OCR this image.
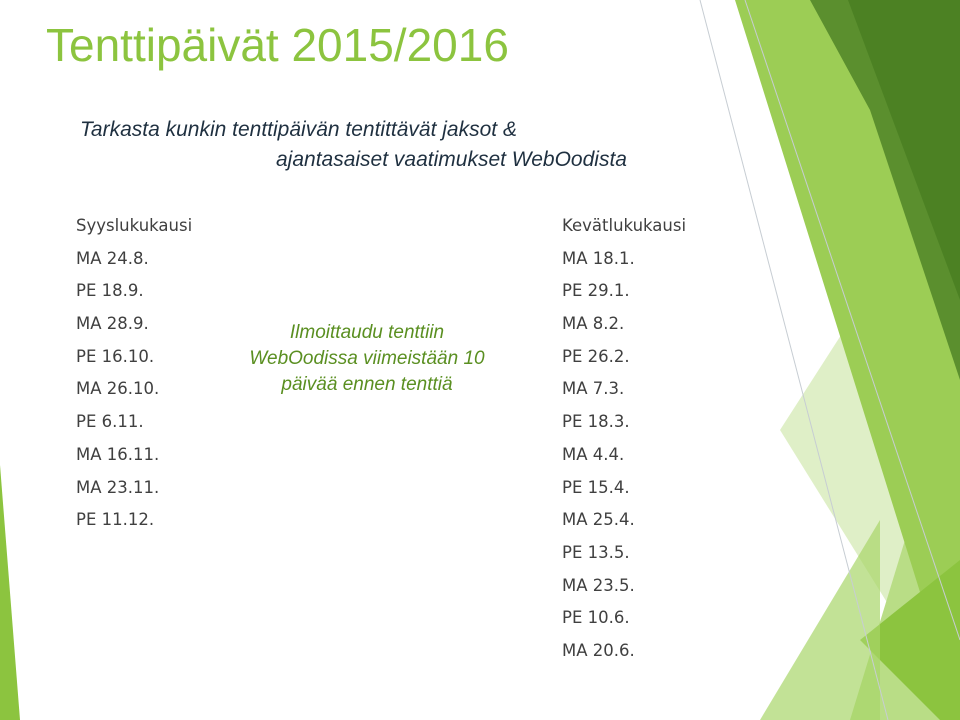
Tenttipäivät 2015/2016
Tarkasta kunkin tenttipäivän tentittävät jaksot &
ajantasaiset vaatimukset WebOodista
Syyslukukausi
MA 24.8.
PE 18.9.
MA 28.9.
PE 16.10.
MA 26.10.
PE 6.11.
MA 16.11.
MA 23.11.
PE 11.12.
Ilmoittaudu tenttiin
WebOodissa viimeistään 10
päivää ennen tenttiä
Kevätlukukausi
MA 18.1.
PE 29.1.
MA 8.2.
PE 26.2.
MA 7.3.
PE 18.3.
MA 4.4.
PE 15.4.
MA 25.4.
PE 13.5.
MA 23.5.
PE 10.6.
MA 20.6.
